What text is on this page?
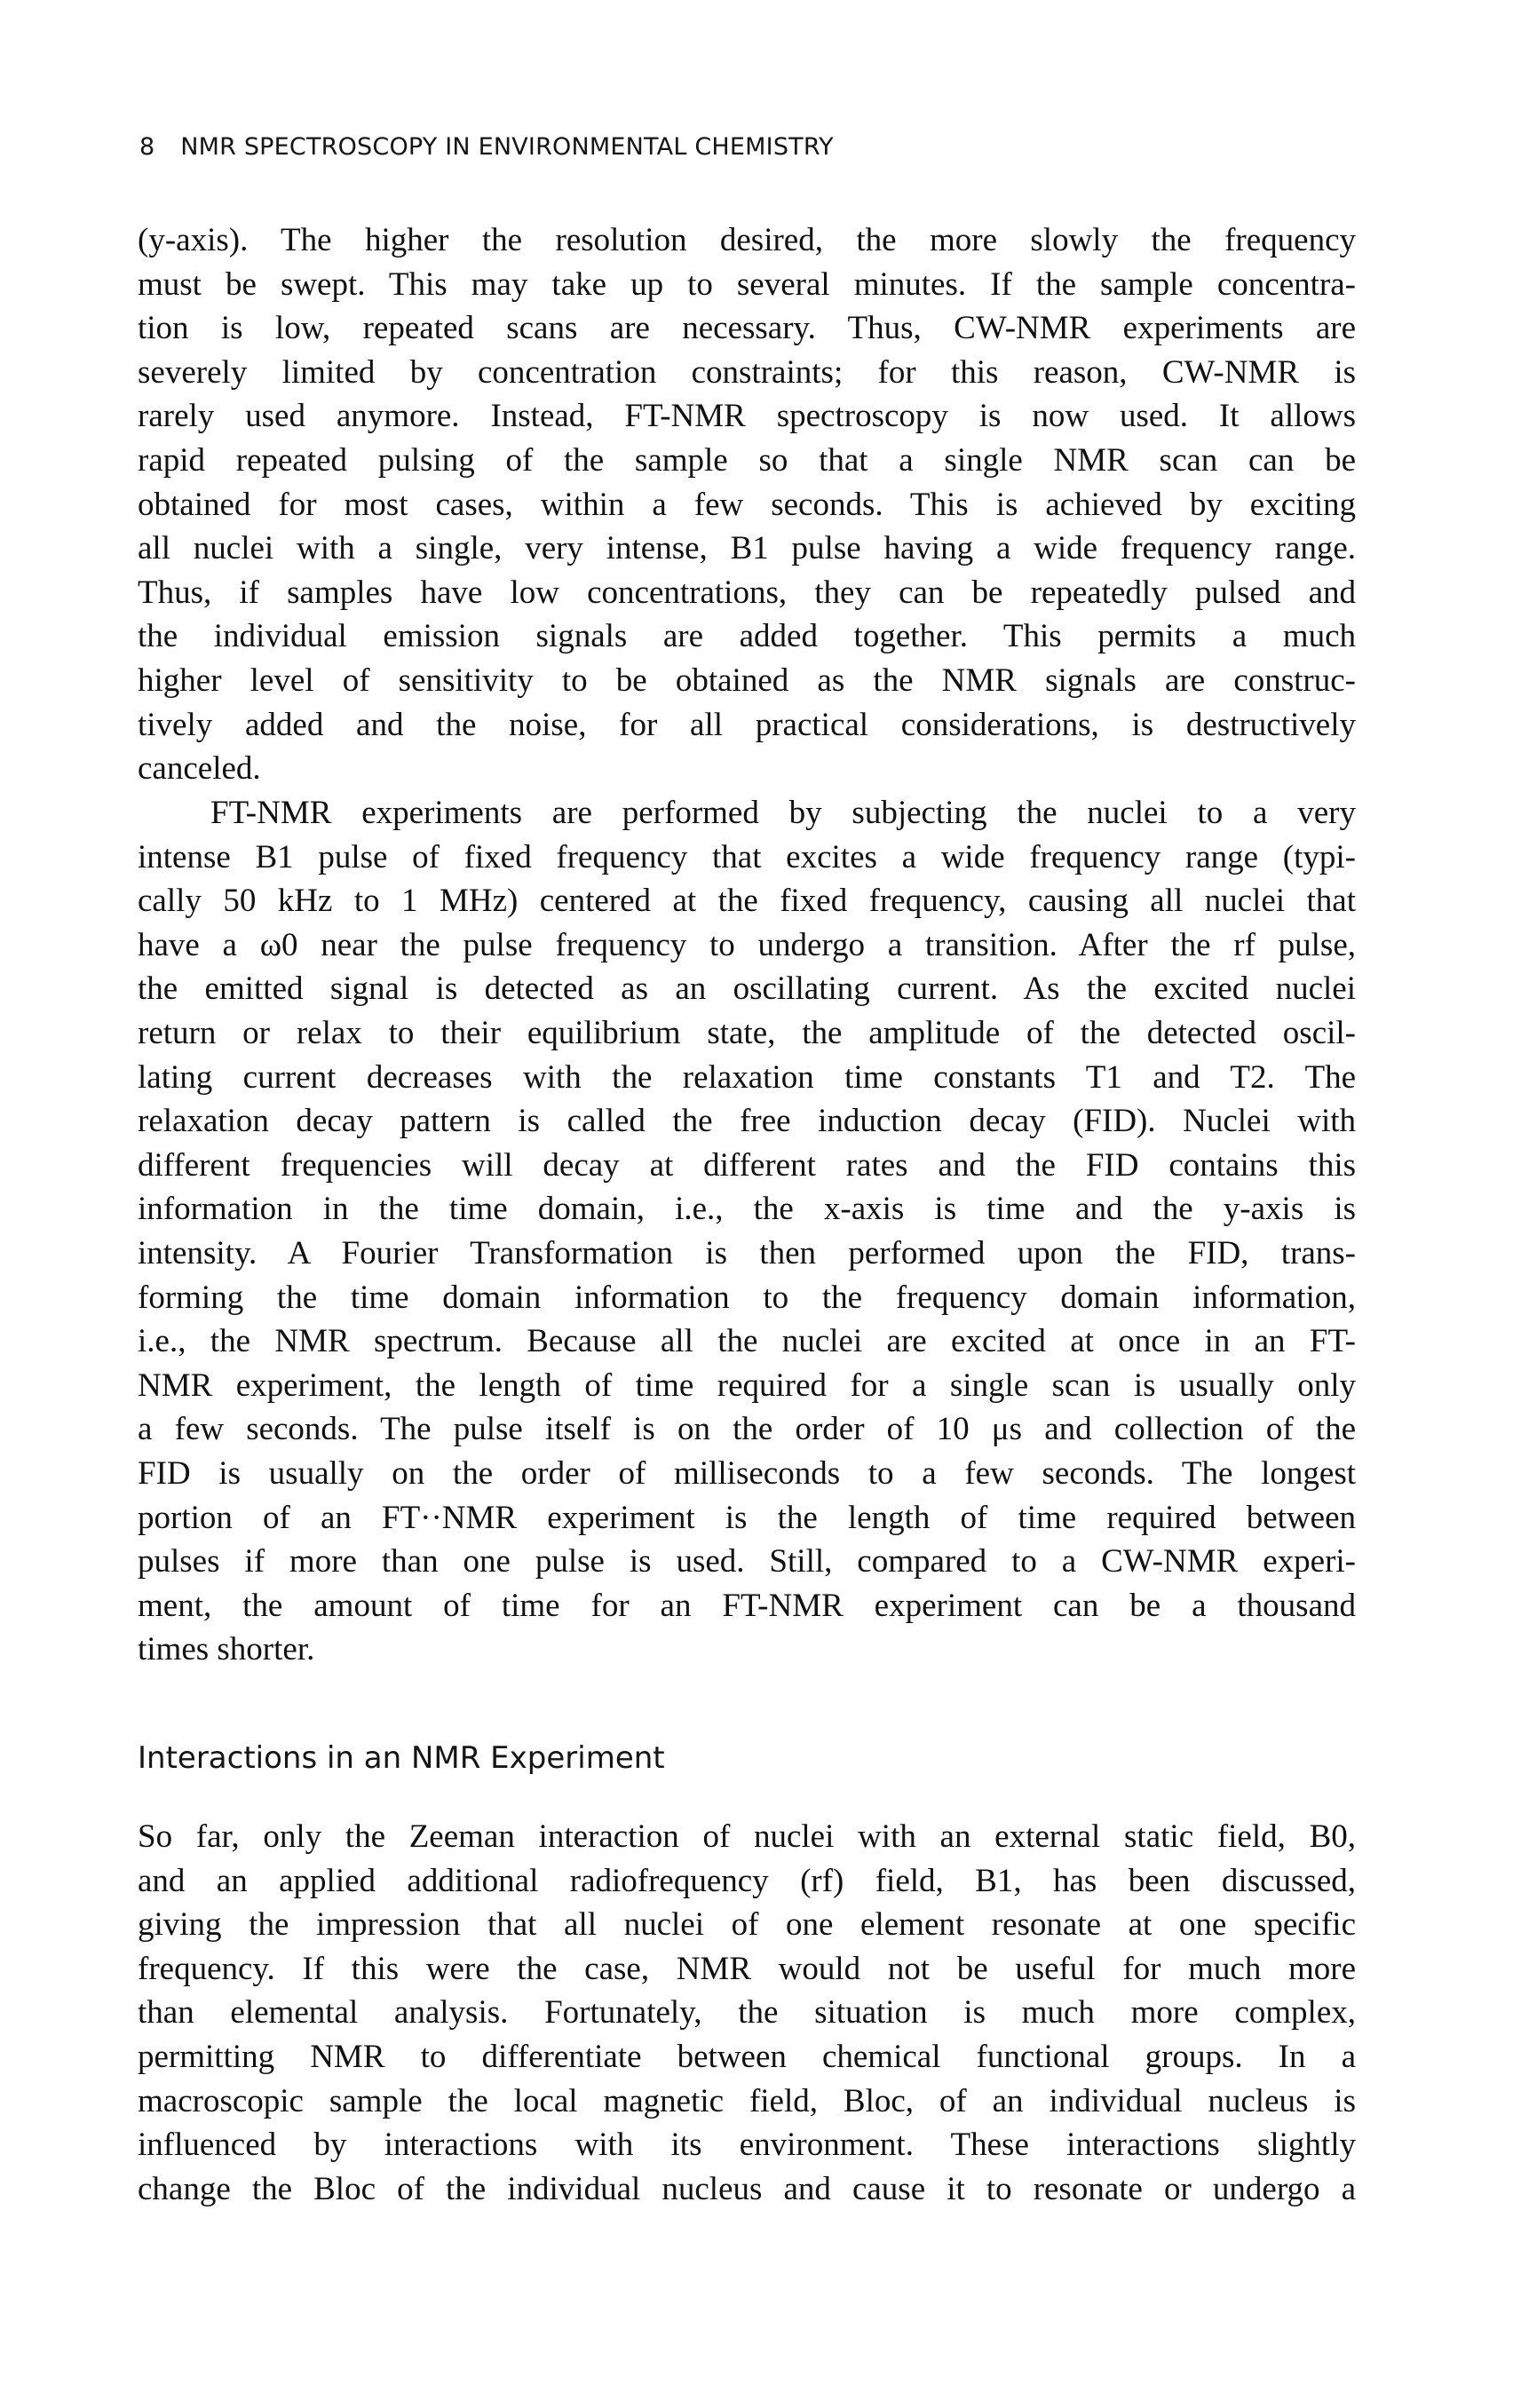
8 NMR SPECTROSCOPY IN ENVIRONMENTAL CHEMISTRY
(y-axis). The higher the resolution desired, the more slowly the frequency
must be swept. This may take up to several minutes. If the sample concentra-
tion is low, repeated scans are necessary. Thus, CW-NMR experiments are
severely limited by concentration constraints; for this reason, CW-NMR is
rarely used anymore. Instead, FT-NMR spectroscopy is now used. It allows
rapid repeated pulsing of the sample so that a single NMR scan can be
obtained for most cases, within a few seconds. This is achieved by exciting
all nuclei with a single, very intense, B1 pulse having a wide frequency range.
Thus, if samples have low concentrations, they can be repeatedly pulsed and
the individual emission signals are added together. This permits a much
higher level of sensitivity to be obtained as the NMR signals are construc-
tively added and the noise, for all practical considerations, is destructively
canceled.
FT-NMR experiments are performed by subjecting the nuclei to a very
intense B1 pulse of fixed frequency that excites a wide frequency range (typi-
cally 50 kHz to 1 MHz) centered at the fixed frequency, causing all nuclei that
have a ω0 near the pulse frequency to undergo a transition. After the rf pulse,
the emitted signal is detected as an oscillating current. As the excited nuclei
return or relax to their equilibrium state, the amplitude of the detected oscil-
lating current decreases with the relaxation time constants T1 and T2. The
relaxation decay pattern is called the free induction decay (FID). Nuclei with
different frequencies will decay at different rates and the FID contains this
information in the time domain, i.e., the x-axis is time and the y-axis is
intensity. A Fourier Transformation is then performed upon the FID, trans-
forming the time domain information to the frequency domain information,
i.e., the NMR spectrum. Because all the nuclei are excited at once in an FT-
NMR experiment, the length of time required for a single scan is usually only
a few seconds. The pulse itself is on the order of 10 μs and collection of the
FID is usually on the order of milliseconds to a few seconds. The longest
portion of an FT··NMR experiment is the length of time required between
pulses if more than one pulse is used. Still, compared to a CW-NMR experi-
ment, the amount of time for an FT-NMR experiment can be a thousand
times shorter.
Interactions in an NMR Experiment
So far, only the Zeeman interaction of nuclei with an external static field, B0,
and an applied additional radiofrequency (rf) field, B1, has been discussed,
giving the impression that all nuclei of one element resonate at one specific
frequency. If this were the case, NMR would not be useful for much more
than elemental analysis. Fortunately, the situation is much more complex,
permitting NMR to differentiate between chemical functional groups. In a
macroscopic sample the local magnetic field, Bloc, of an individual nucleus is
influenced by interactions with its environment. These interactions slightly
change the Bloc of the individual nucleus and cause it to resonate or undergo a
